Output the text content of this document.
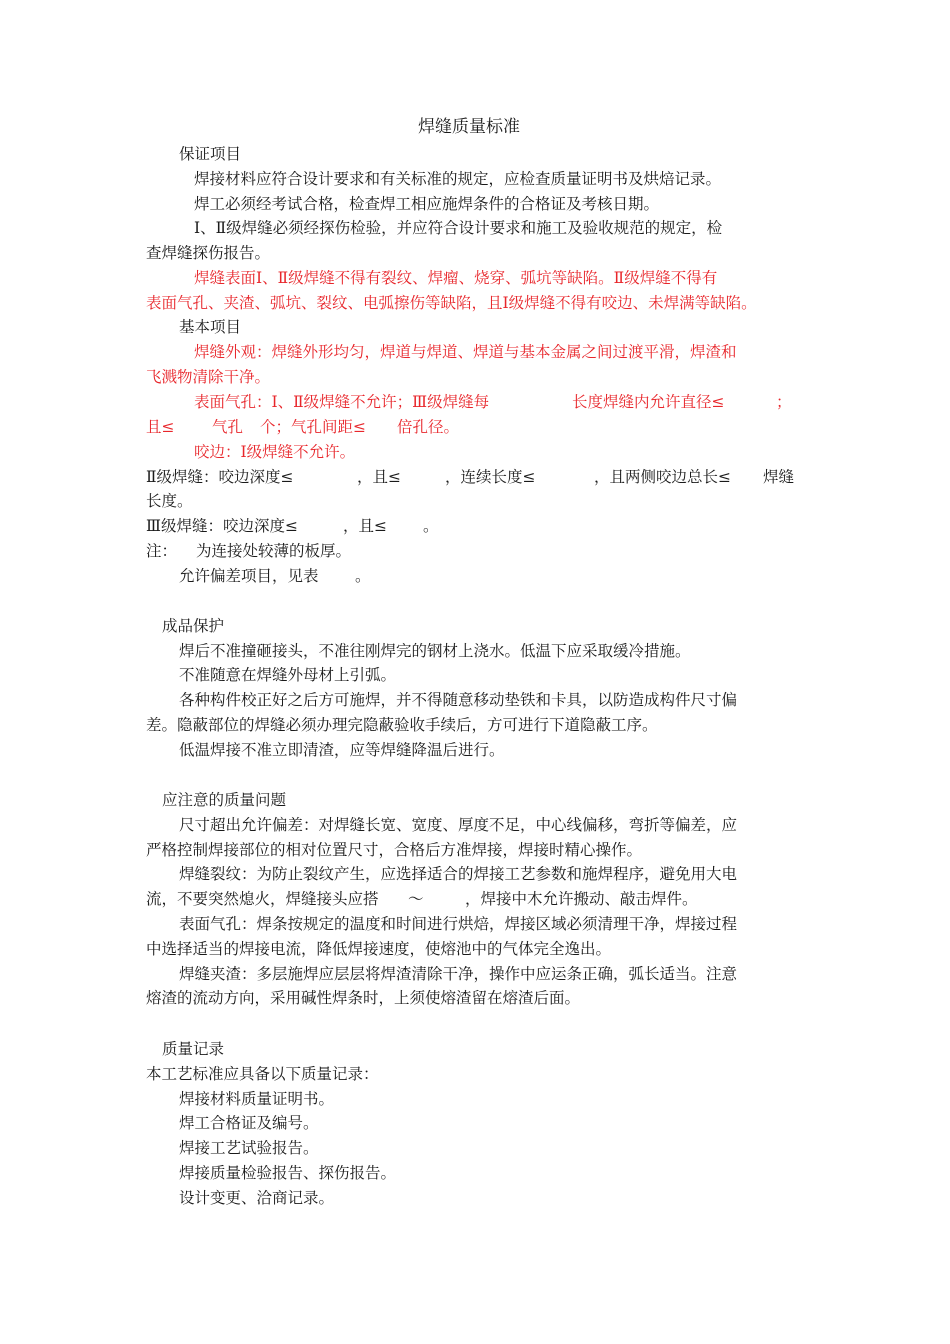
焊缝质量标准
保证项目
焊接材料应符合设计要求和有关标准的规定，应检查质量证明书及烘焙记录。
焊工必须经考试合格，检查焊工相应施焊条件的合格证及考核日期。
Ⅰ、Ⅱ级焊缝必须经探伤检验，并应符合设计要求和施工及验收规范的规定，检
查焊缝探伤报告。
焊缝表面Ⅰ、Ⅱ级焊缝不得有裂纹、焊瘤、烧穿、弧坑等缺陷。Ⅱ级焊缝不得有
表面气孔、夹渣、弧坑、裂纹、电弧擦伤等缺陷，且Ⅰ级焊缝不得有咬边、未焊满等缺陷。
基本项目
焊缝外观：焊缝外形均匀，焊道与焊道、焊道与基本金属之间过渡平滑，焊渣和
飞溅物清除干净。
表面气孔：Ⅰ、Ⅱ级焊缝不允许；Ⅲ级焊缝每	长度焊缝内允许直径≤	；
且≤ 气孔 个；气孔间距≤ 倍孔径。
咬边：Ⅰ级焊缝不允许。
Ⅱ级焊缝：咬边深度≤	，且≤	，连续长度≤	，且两侧咬边总长≤ 焊缝
长度。
Ⅲ级焊缝：咬边深度≤	，且≤ 。
注： 为连接处较薄的板厚。
允许偏差项目，见表 。
成品保护
焊后不准撞砸接头，不准往刚焊完的钢材上浇水。低温下应采取缓冷措施。
不准随意在焊缝外母材上引弧。
各种构件校正好之后方可施焊，并不得随意移动垫铁和卡具，以防造成构件尺寸偏
差。隐蔽部位的焊缝必须办理完隐蔽验收手续后，方可进行下道隐蔽工序。
低温焊接不准立即清渣，应等焊缝降温后进行。
应注意的质量问题
尺寸超出允许偏差：对焊缝长宽、宽度、厚度不足，中心线偏移，弯折等偏差，应
严格控制焊接部位的相对位置尺寸，合格后方准焊接，焊接时精心操作。
焊缝裂纹：为防止裂纹产生，应选择适合的焊接工艺参数和施焊程序，避免用大电
流，不要突然熄火，焊缝接头应搭 ～	，焊接中木允许搬动、敲击焊件。
表面气孔：焊条按规定的温度和时间进行烘焙，焊接区域必须清理干净，焊接过程
中选择适当的焊接电流，降低焊接速度，使熔池中的气体完全逸出。
焊缝夹渣：多层施焊应层层将焊渣清除干净，操作中应运条正确，弧长适当。注意
熔渣的流动方向，采用碱性焊条时，上须使熔渣留在熔渣后面。
质量记录
本工艺标准应具备以下质量记录：
焊接材料质量证明书。
焊工合格证及编号。
焊接工艺试验报告。
焊接质量检验报告、探伤报告。
设计变更、洽商记录。
